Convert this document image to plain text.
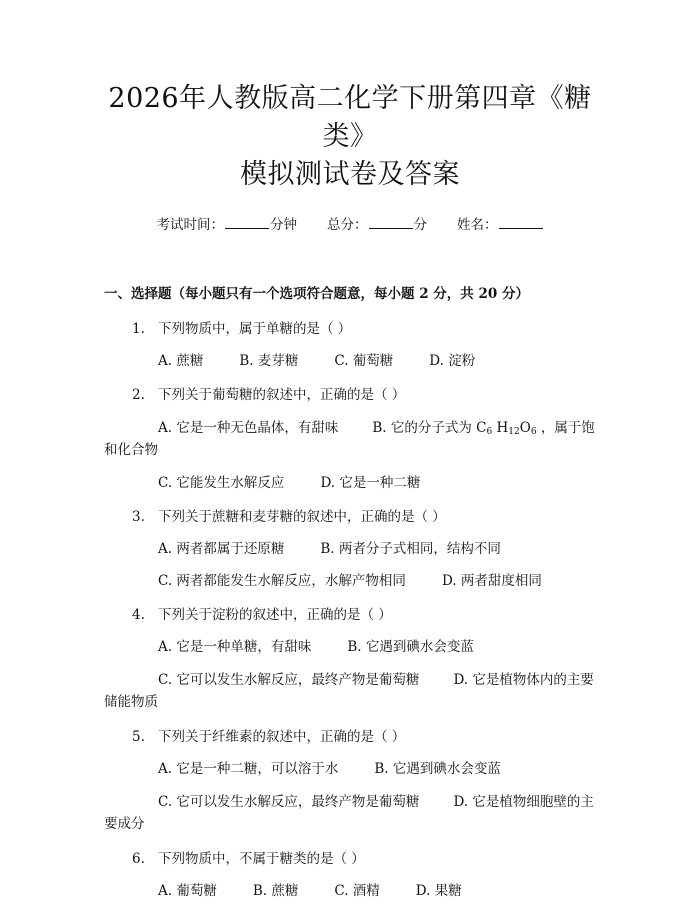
2026年人教版高二化学下册第四章《糖类》
模拟测试卷及答案
考试时间：	分钟 总分：	分 姓名：
一、选择题（每小题只有一个选项符合题意，每小题 2 分，共 20 分）
1. 下列物质中，属于单糖的是（ ）
A. 蔗糖	B. 麦芽糖	C. 葡萄糖	D. 淀粉
2. 下列关于葡萄糖的叙述中，正确的是（ ）
A. 它是一种无色晶体，有甜味	B. 它的分子式为 $C_6$ $H_{12}O_6$ ，属于饱和化合物
C. 它能发生水解反应	D. 它是一种二糖
3. 下列关于蔗糖和麦芽糖的叙述中，正确的是（ ）
A. 两者都属于还原糖	B. 两者分子式相同，结构不同
C. 两者都能发生水解反应，水解产物相同	D. 两者甜度相同
4. 下列关于淀粉的叙述中，正确的是（ ）
A. 它是一种单糖，有甜味	B. 它遇到碘水会变蓝
C. 它可以发生水解反应，最终产物是葡萄糖	D. 它是植物体内的主要储能物质
5. 下列关于纤维素的叙述中，正确的是（ ）
A. 它是一种二糖，可以溶于水	B. 它遇到碘水会变蓝
C. 它可以发生水解反应，最终产物是葡萄糖	D. 它是植物细胞壁的主要成分
6. 下列物质中，不属于糖类的是（ ）
A. 葡萄糖	B. 蔗糖	C. 酒精	D. 果糖
